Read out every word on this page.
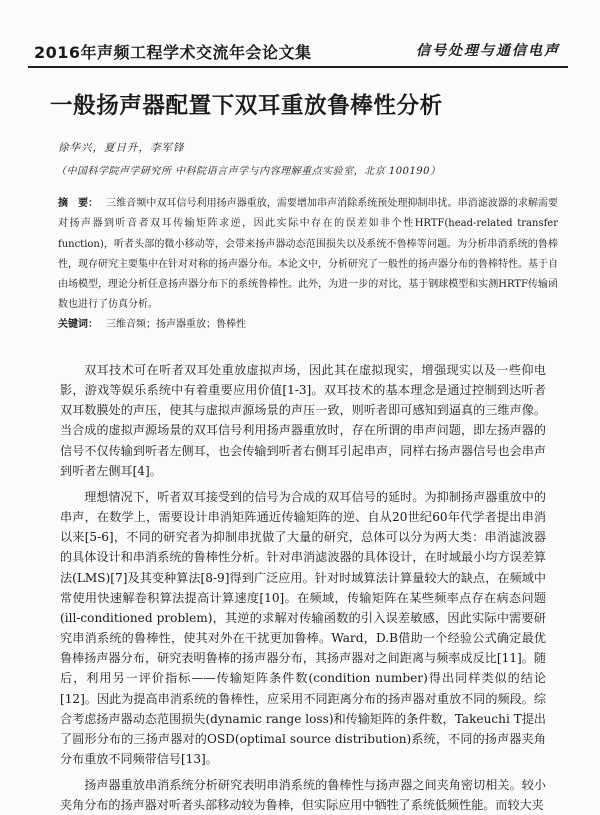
2016年声频工程学术交流年会论文集	信号处理与通信电声
一般扬声器配置下双耳重放鲁棒性分析
徐华兴，夏日升，李军锋
（中国科学院声学研究所 中科院语言声学与内容理解重点实验室，北京 100190）
摘　要： 三维音频中双耳信号利用扬声器重放，需要增加串声消除系统预处理抑制串扰。串消滤波器的求解需要对扬声器到听音者双耳传输矩阵求逆，因此实际中存在的误差如非个性HRTF(head-related transfer function)，听者头部的微小移动等，会带来扬声器动态范围损失以及系统不鲁棒等问题。为分析串消系统的鲁棒性，现存研究主要集中在针对对称的扬声器分布。本论文中，分析研究了一般性的扬声器分布的鲁棒特性。基于自由场模型，理论分析任意扬声器分布下的系统鲁棒性。此外，为进一步的对比，基于钢球模型和实测HRTF传输函数也进行了仿真分析。
关键词： 三维音频；扬声器重放；鲁棒性

双耳技术可在听者双耳处重放虚拟声场，因此其在虚拟现实，增强现实以及一些仰电影，游戏等娱乐系统中有着重要应用价值[1-3]。双耳技术的基本理念是通过控制到达听者双耳数膜处的声压，使其与虚拟声源场景的声压一致，则听者即可感知到逼真的三维声像。当合成的虚拟声源场景的双耳信号利用扬声器重放时，存在所谓的串声问题，即左扬声器的信号不仅传输到听者左侧耳，也会传输到听者右侧耳引起串声，同样右扬声器信号也会串声到听者左侧耳[4]。

理想情况下，听者双耳接受到的信号为合成的双耳信号的延时。为抑制扬声器重放中的串声，在数学上，需要设计串消矩阵通近传输矩阵的逆、自从20世纪60年代学者提出串消以来[5-6]，不同的研究者为抑制串扰做了大量的研究，总体可以分为两大类：串消滤波器的具体设计和串消系统的鲁棒性分析。针对串消滤波器的具体设计，在时域最小均方误差算法(LMS)[7]及其变种算法[8-9]得到广泛应用。针对时域算法计算量较大的缺点，在频域中常使用快速解卷积算法提高计算速度[10]。在频域，传输矩阵在某些频率点存在病态问题(ill-conditioned problem)，其逆的求解对传输函数的引入误差敏感，因此实际中需要研究串消系统的鲁棒性，使其对外在干扰更加鲁棒。Ward，D.B借助一个经验公式确定最优鲁棒扬声器分布，研究表明鲁棒的扬声器分布，其扬声器对之间距离与频率成反比[11]。随后，利用另一评价指标——传输矩阵条件数(condition number)得出同样类似的结论[12]。因此为提高串消系统的鲁棒性，应采用不同距离分布的扬声器对重放不同的频段。综合考虑扬声器动态范围损失(dynamic range loss)和传输矩阵的条件数，Takeuchi T提出了圆形分布的三扬声器对的OSD(optimal source distribution)系统，不同的扬声器夹角分布重放不同频带信号[13]。

扬声器重放串消系统分析研究表明串消系统的鲁棒性与扬声器之间夹角密切相关。较小夹角分布的扬声器对听者头部移动较为鲁棒，但实际应用中牺牲了系统低频性能。而较大夹
